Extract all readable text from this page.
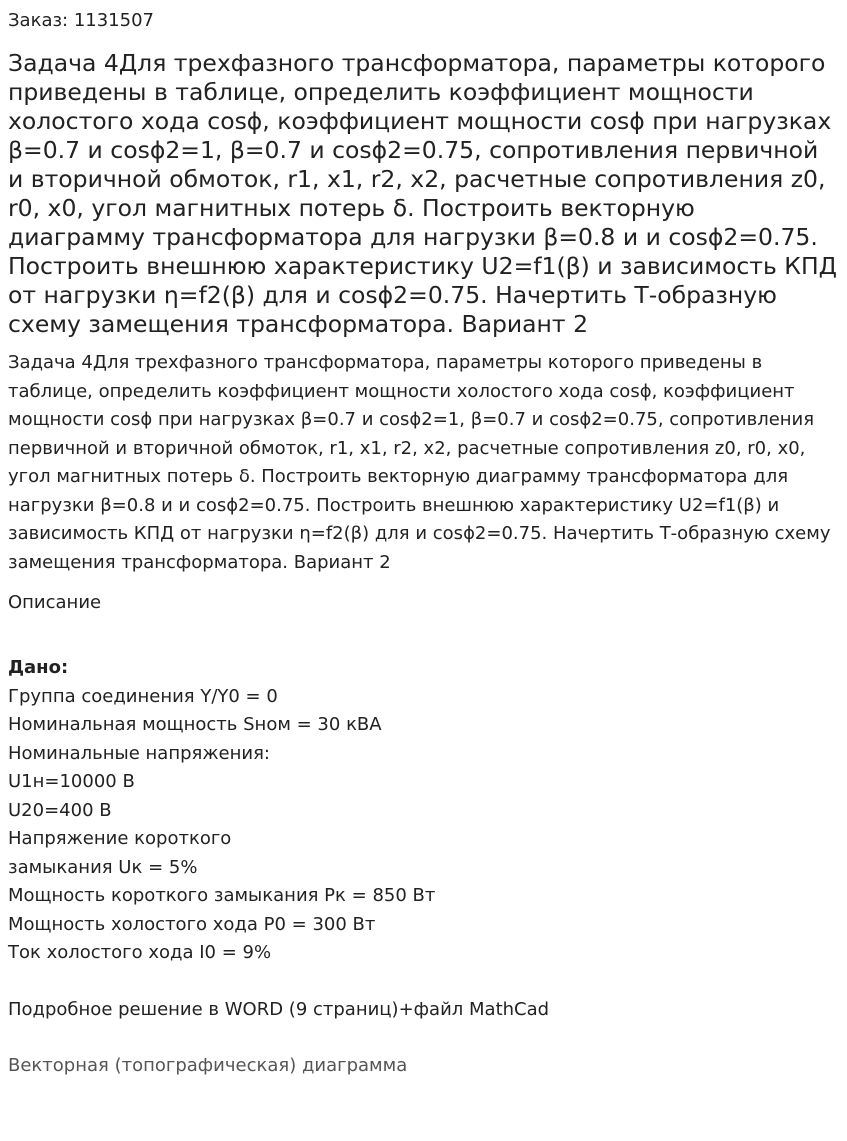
Заказ: 1131507

Задача 4Для трехфазного трансформатора, параметры которого приведены в таблице, определить коэффициент мощности холостого хода cosϕ, коэффициент мощности cosϕ при нагрузках β=0.7 и cosϕ2=1, β=0.7 и cosϕ2=0.75, сопротивления первичной и вторичной обмоток, r1, x1, r2, x2, расчетные сопротивления z0, r0, x0, угол магнитных потерь δ. Построить векторную диаграмму трансформатора для нагрузки β=0.8 и и cosϕ2=0.75. Построить внешнюю характеристику U2=f1(β) и зависимость КПД от нагрузки η=f2(β) для и cosϕ2=0.75. Начертить Т-образную схему замещения трансформатора. Вариант 2

Задача 4Для трехфазного трансформатора, параметры которого приведены в таблице, определить коэффициент мощности холостого хода cosϕ, коэффициент мощности cosϕ при нагрузках β=0.7 и cosϕ2=1, β=0.7 и cosϕ2=0.75, сопротивления первичной и вторичной обмоток, r1, x1, r2, x2, расчетные сопротивления z0, r0, x0, угол магнитных потерь δ. Построить векторную диаграмму трансформатора для нагрузки β=0.8 и и cosϕ2=0.75. Построить внешнюю характеристику U2=f1(β) и зависимость КПД от нагрузки η=f2(β) для и cosϕ2=0.75. Начертить Т-образную схему замещения трансформатора. Вариант 2

Описание

Дано:

Группа соединения Y/Y0 = 0
Номинальная мощность Sном = 30 кВА
Номинальные напряжения:
U1н=10000 В
U20=400 В
Напряжение короткого
замыкания Uк = 5%
Мощность короткого замыкания Pк = 850 Вт
Мощность холостого хода P0 = 300 Вт
Ток холостого хода I0 = 9%

Подробное решение в WORD (9 страниц)+файл MathCad

Векторная (топографическая) диаграмма
